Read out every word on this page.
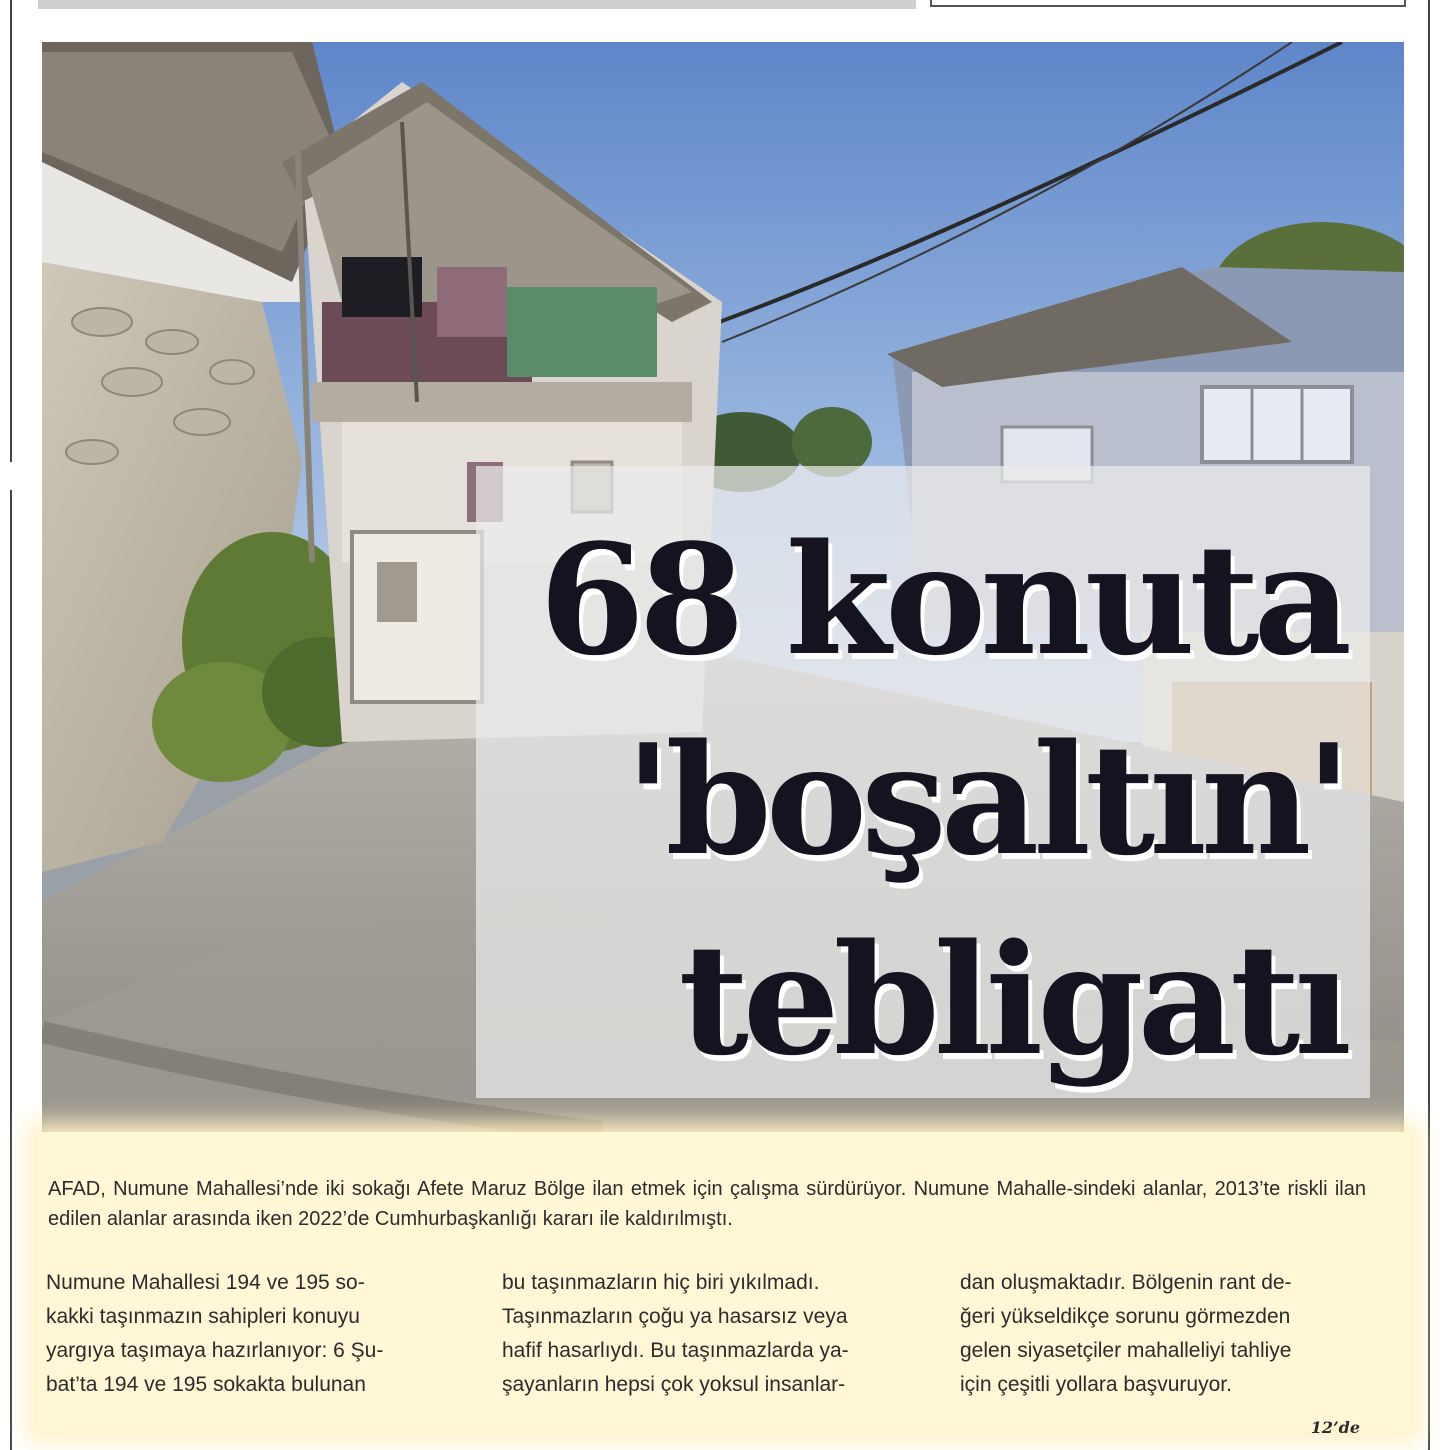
68 konuta
'boşaltın'
tebligatı

AFAD, Numune Mahallesi’nde iki sokağı Afete Maruz Bölge ilan etmek için çalışma sürdürüyor. Numune Mahalle-sindeki alanlar, 2013’te riskli ilan edilen alanlar arasında iken 2022’de Cumhurbaşkanlığı kararı ile kaldırılmıştı.

Numune Mahallesi 194 ve 195 so-
kakki taşınmazın sahipleri konuyu
yargıya taşımaya hazırlanıyor: 6 Şu-
bat’ta 194 ve 195 sokakta bulunan

bu taşınmazların hiç biri yıkılmadı.
Taşınmazların çoğu ya hasarsız veya
hafif hasarlıydı. Bu taşınmazlarda ya-
şayanların hepsi çok yoksul insanlar-

dan oluşmaktadır. Bölgenin rant de-
ğeri yükseldikçe sorunu görmezden
gelen siyasetçiler mahalleliyi tahliye
için çeşitli yollara başvuruyor.

12’de
